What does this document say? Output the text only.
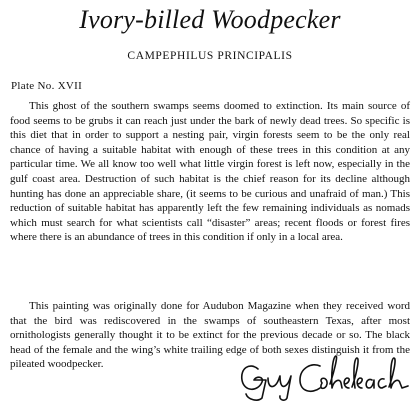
Ivory-billed Woodpecker
CAMPEPHILUS PRINCIPALIS
Plate No. XVII

This ghost of the southern swamps seems doomed to extinction. Its main source of food seems to be grubs it can reach just under the bark of newly dead trees. So specific is this diet that in order to support a nesting pair, virgin forests seem to be the only real chance of having a suitable habitat with enough of these trees in this condition at any particular time. We all know too well what little virgin forest is left now, especially in the gulf coast area. Destruction of such habitat is the chief reason for its decline although hunting has done an appreciable share, (it seems to be curious and unafraid of man.) This reduction of suitable habitat has apparently left the few remaining individuals as nomads which must search for what scientists call “disaster” areas; recent floods or forest fires where there is an abundance of trees in this condition if only in a local area.

This painting was originally done for Audubon Magazine when they received word that the bird was rediscovered in the swamps of southeastern Texas, after most ornithologists generally thought it to be extinct for the previous decade or so. The black head of the female and the wing’s white trailing edge of both sexes distinguish it from the pileated woodpecker.
